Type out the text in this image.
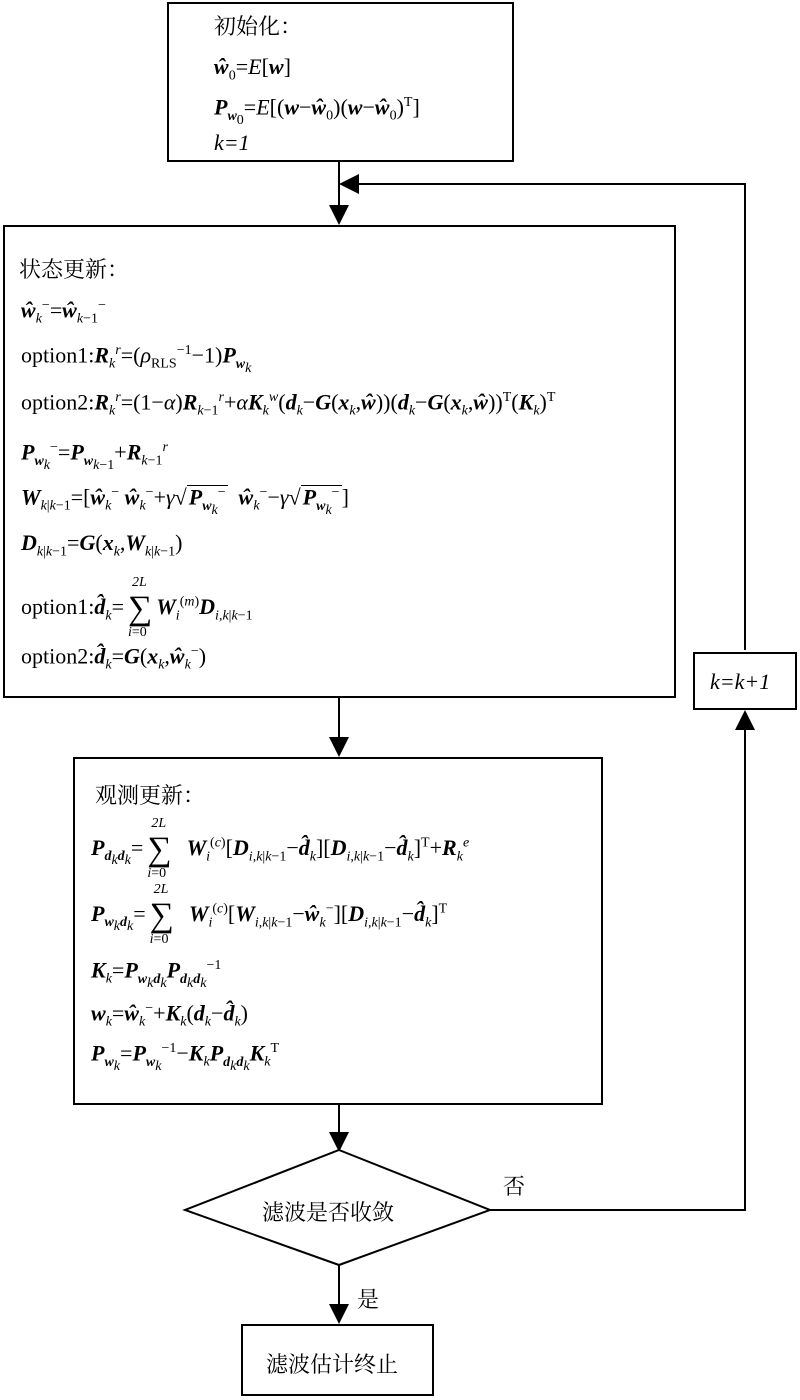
初始化：
$ŵ_0=E[w]$
$P_{w_0}=E[(w-ŵ_0)(w-ŵ_0)^T]$
k=1
状态更新：
$ŵ_k^-=ŵ_{k-1}^-$
$option1:R_k^r=(\rho_{RLS}^{-1}-1)P_{w_k}$
$option2:R_k^r=(1-\alpha)R_{k-1}^r+\alpha K_k^w(d_k-G(x_k,ŵ))(d_k-G(x_k,ŵ))^T(K_k)^T$
$P_{w_k}^-=P_{w_{k-1}}+R_{k-1}^r$
$W_{k|k-1}=[ŵ_k^-$ $ŵ_k^-+\gamma√P_{w_k}^-$ $ŵ_k^--\gamma√P_{w_k}^-$]
$D_{k|k-1}=G(x_k,W_{k|k-1})$
$option1:d̂_k=$
2L
∑
i=0
$W_i^{(m)}D_{i,k|k-1}$
$option2:d̂_k=G(x_k,ŵ_k^-)$
观测更新：
$P_{d_kd_k}=$
2L
∑
i=0
$W_i^{(c)}[D_{i,k|k-1}-d̂_k][D_{i,k|k-1}-d̂_k]^T+R_k^e$
$P_{w_kd_k}=$
2L
∑
i=0
$W_i^{(c)}[W_{i,k|k-1}-ŵ_k^-][D_{i,k|k-1}-d̂_k]^T$
$K_k=P_{w_kd_k}P_{d_kd_k}^{-1}$
$w_k=ŵ_k^-+K_k(d_k-d̂_k)$
$P_{w_k}=P_{w_k}^{-1}-K_kP_{d_kd_k}K_k^T$
滤波是否收敛
否
是
k=k+1
滤波估计终止
